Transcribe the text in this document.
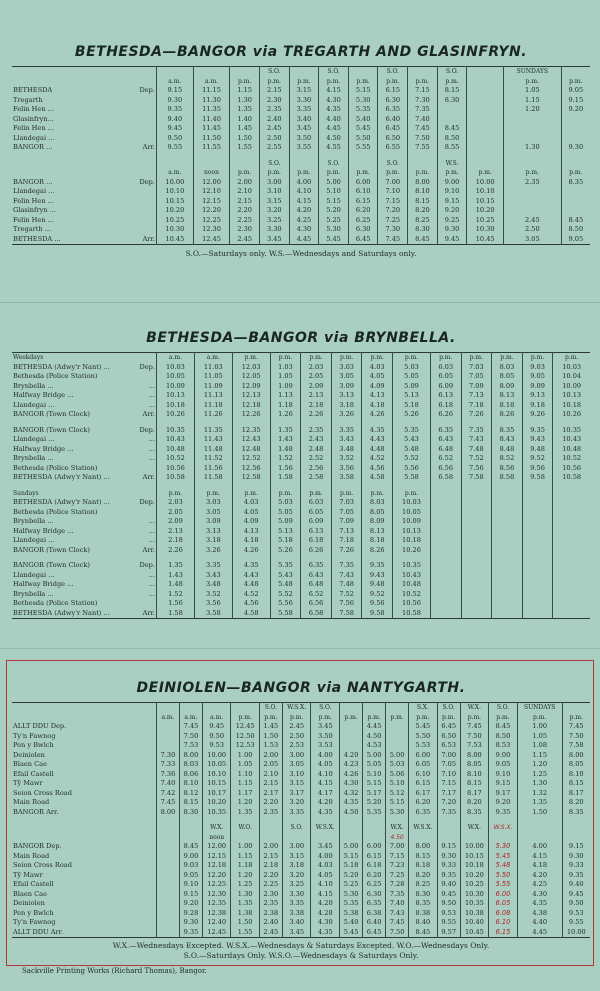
BETHESDA—BANGOR via TREGARTH AND GLASINFRYN.
					S.O.		S.O.		S.O.		S.O.		SUNDAYS	
		a.m.	a.m.	p.m.	p.m.	p.m.	p.m.	p.m.	p.m.	p.m.	p.m.		p.m.	p.m.
BETHESDA	Dep.	9.15	11.15	1.15	2.15	3.15	4.15	5.15	6.15	7.15	8.15		1.05	9.05
Tregarth		9.30	11.30	1.30	2.30	3.30	4.30	5.30	6.30	7.30	8.30		1.15	9.15
Felin Hen ...		9.35	11.35	1.35	2.35	3.35	4.35	5.35	6.35	7.35			1.20	9.20
Glasinfryn...		9.40	11.40	1.40	2.40	3.40	4.40	5.40	6.40	7.40				
Felin Hen ...		9.45	11.45	1.45	2.45	3.45	4.45	5.45	6.45	7.45	8.45			
Llandegai ...		9.50	11.50	1.50	2.50	3.50	4.50	5.50	6.50	7.50	8.50			
BANGOR ...	Arr.	9.55	11.55	1.55	2.55	3.55	4.55	5.55	6.55	7.55	8.55		1.30	9.30

					S.O.		S.O.		S.O.		W.S.			
		a.m.	noon	p.m.	p.m.	p.m.	p.m.	p.m.	p.m.	p.m.	p.m.	p.m.	p.m.	p.m.
BANGOR ...	Dep.	10.00	12.00	2.00	3.00	4.00	5.00	6.00	7.00	8.00	9.00	10.00	2.35	8.35
Llandegai ...		10.10	12.10	2.10	3.10	4.10	5.10	6.10	7.10	8.10	9.10	10.10		
Felin Hen ...		10.15	12.15	2.15	3.15	4.15	5.15	6.15	7.15	8.15	9.15	10.15		
Glasinfryn ...		10.20	12.20	2.20	3.20	4.20	5.20	6.20	7.20	8.20	9.20	10.20		
Felin Hen ...		10.25	12.25	2.25	3.25	4.25	5.25	6.25	7.25	8.25	9.25	10.25	2.45	8.45
Tregarth ...		10.30	12.30	2.30	3.30	4.30	5.30	6.30	7.30	8.30	9.30	10.30	2.50	8.50
BETHESDA ...	Arr.	10.45	12.45	2.45	3.45	4.45	5.45	6.45	7.45	8.45	9.45	10.45	3.05	9.05
S.O.—Saturdays only. W.S.—Wednesdays and Saturdays only.
BETHESDA—BANGOR via BRYNBELLA.
Weekdays		a.m.	a.m.	p.m.	p.m.	p.m.	p.m.	p.m.	p.m.	p.m.	p.m.	p.m.	p.m.	p.m.
BETHESDA (Adwy'r Nant) ...	Dep.	10.03	11.03	12.03	1.03	2.03	3.03	4.03	5.03	6.03	7.03	8.03	9.03	10.03
Bethesda (Police Station)		10.05	11.05	12.05	1.05	2.05	3.05	4.05	5.05	6.05	7.05	8.05	9.05	10.04
Brynbella ...	...	10.09	11.09	12.09	1.09	2.09	3.09	4.09	5.09	6.09	7.09	8.09	9.09	10.09
Halfway Bridge ...	...	10.13	11.13	12.13	1.13	2.13	3.13	4.13	5.13	6.13	7.13	8.13	9.13	10.13
Llandegai ...	...	10.18	11.18	12.18	1.18	2.18	3.18	4.18	5.18	6.18	7.18	8.18	9.18	10.18
BANGOR (Town Clock)	Arr.	10.26	11.26	12.26	1.26	2.26	3.26	4.26	5.26	6.26	7.26	8.26	9.26	10.26

BANGOR (Town Clock)	Dep.	10.35	11.35	12.35	1.35	2.35	3.35	4.35	5.35	6.35	7.35	8.35	9.35	10.35
Llandegai ...	...	10.43	11.43	12.43	1.43	2.43	3.43	4.43	5.43	6.43	7.43	8.43	9.43	10.43
Halfway Bridge ...	...	10.48	11.48	12.48	1.48	2.48	3.48	4.48	5.48	6.48	7.48	8.48	9.48	10.48
Brynbella ...	...	10.52	11.52	12.52	1.52	2.52	3.52	4.52	5.52	6.52	7.52	8.52	9.52	10.52
Bethesda (Police Station)		10.56	11.56	12.56	1.56	2.56	3.56	4.56	5.56	6.56	7.56	8.56	9.56	10.56
BETHESDA (Adwy'r Nant) ...	Arr.	10.58	11.58	12.58	1.58	2.58	3.58	4.58	5.58	6.58	7.58	8.58	9.58	10.58

Sundays		p.m.	p.m.	p.m.	p.m.	p.m.	p.m.	p.m.	p.m.					
BETHESDA (Adwy'r Nant) ...	Dep.	2.03	3.03	4.03	5.03	6.03	7.03	8.03	10.03					
Bethesda (Police Station)		2.05	3.05	4.05	5.05	6.05	7.05	8.05	10.05					
Brynbella ...	...	2.09	3.09	4.09	5.09	6.09	7.09	8.09	10.09					
Halfway Bridge ...	...	2.13	3.13	4.13	5.13	6.13	7.13	8.13	10.13					
Llandegai ...	...	2.18	3.18	4.18	5.18	6.18	7.18	8.18	10.18					
BANGOR (Town Clock)	Arr.	2.26	3.26	4.26	5.26	6.26	7.26	8.26	10.26					

BANGOR (Town Clock)	Dep.	1.35	3.35	4.35	5.35	6.35	7.35	9.35	10.35					
Llandegai ...	...	1.43	3.43	4.43	5.43	6.43	7.43	9.43	10.43					
Halfway Bridge ...	...	1.48	3.48	4.48	5.48	6.48	7.48	9.48	10.48					
Brynbella ...	...	1.52	3.52	4.52	5.52	6.52	7.52	9.52	10.52					
Bethesda (Police Station)		1.56	3.56	4.56	5.56	6.56	7.56	9.56	10.56					
BETHESDA (Adwy'r Nant) ...	Arr.	1.58	3.58	4.58	5.58	6.58	7.58	9.58	10.58					
DEINIOLEN—BANGOR via NANTYGARTH.
						S.O.	W.S.X.	S.O.				S.X.	S.O.	W.X.	S.O.	SUNDAYS	
		a.m.	a.m.	a.m.	p.m.	p.m.	p.m.	p.m.	p.m.	p.m.	p.m.	p.m.	p.m.	p.m.	p.m.	p.m.	p.m.
ALLT DDU Dep.			7.45	9.45	12.45	1.45	2.45	3.45		4.45		5.45	6.45	7.45	8.45	1.00	7.45
Ty'n Fawnog			7.50	9.50	12.50	1.50	2.50	3.50		4.50		5.50	6.50	7.50	8.50	1.05	7.50
Pen y Bwlch			7.53	9.53	12.53	1.53	2.53	3.53		4.53		5.53	6.53	7.53	8.53	1.08	7.58
Deiniolen		7.30	8.00	10.00	1.00	2.00	3.00	4.00	4.20	5.00	5.00	6.00	7.00	8.00	9.00	1.15	8.00
Blaen Cae		7.33	8.03	10.05	1.05	2.05	3.05	4.05	4.23	5.05	5.03	6.05	7.05	8.05	9.05	1.20	8.05
Efail Castell		7.36	8.06	10.10	1.10	2.10	3.10	4.10	4.26	5.10	5.06	6.10	7.10	8.10	9.10	1.25	8.10
Tŷ Mawr		7.40	8.10	10.15	1.15	2.15	3.15	4.15	4.30	5.15	5.10	6.15	7.15	8.15	9.15	1.30	8.15
Seion Cross Road		7.42	8.12	10.17	1.17	2.17	3.17	4.17	4.32	5.17	5.12	6.17	7.17	8.17	9.17	1.32	8.17
Main Road		7.45	8.15	10.20	1.20	2.20	3.20	4.20	4.35	5.20	5.15	6.20	7.20	8.20	9.20	1.35	8.20
BANGOR Arr.		8.00	8.30	10.35	1.35	2.35	3.35	4.35	4.50	5.35	5.30	6.35	7.35	8.35	9.35	1.50	8.35

				W.X.	W.O.		S.O.	W.S.X.			W.X.	W.S.X.		W.X.	W.S.X.		
				noon							4.50						
BANGOR Dep.			8.45	12.00	1.00	2.00	3.00	3.45	5.00	6.00	7.00	8.00	9.15	10.00	5.30	4.00	9.15
Main Road			9.00	12.15	1.15	2.15	3.15	4.00	5.15	6.15	7.15	8.15	9.30	10.15	5.45	4.15	9.30
Seion Cross Road			9.03	12.18	1.18	2.18	3.18	4.03	5.18	6.18	7.23	8.18	9.33	10.18	5.48	4.18	9.33
Tŷ Mawr			9.05	12.20	1.20	2.20	3.20	4.05	5.20	6.20	7.25	8.20	9.35	10.20	5.50	4.20	9.35
Efail Castell			9.10	12.25	1.25	2.25	3.25	4.10	5.25	6.25	7.28	8.25	9.40	10.25	5.55	4.25	9.40
Blaen Cae			9.15	12.30	1.30	2.30	3.30	4.15	5.30	6.30	7.35	8.30	9.45	10.30	6.00	4.30	9.45
Deiniolen			9.20	12.35	1.35	2.35	3.35	4.20	5.35	6.35	7.40	8.35	9.50	10.35	6.05	4.35	9.50
Pen y Bwlch			9.28	12.38	1.38	2.38	3.38	4.28	5.38	6.38	7.43	8.38	9.53	10.38	6.08	4.38	9.53
Ty'n Fawnog			9.30	12.40	1.50	2.40	3.40	4.30	5.40	6.40	7.45	8.40	9.55	10.40	6.10	4.40	9.55
ALLT DDU Arr.			9.35	12.45	1.55	2.45	3.45	4.35	5.45	6.45	7.50	8.45	9.57	10.45	6.15	4.45	10.00
W.X.—Wednesdays Excepted. W.S.X.—Wednesdays & Saturdays Excepted. W.O.—Wednesdays Only.
S.O.—Saturdays Only. W.S.O.—Wednesdays & Saturdays Only.
Sackville Printing Works (Richard Thomas), Bangor.
